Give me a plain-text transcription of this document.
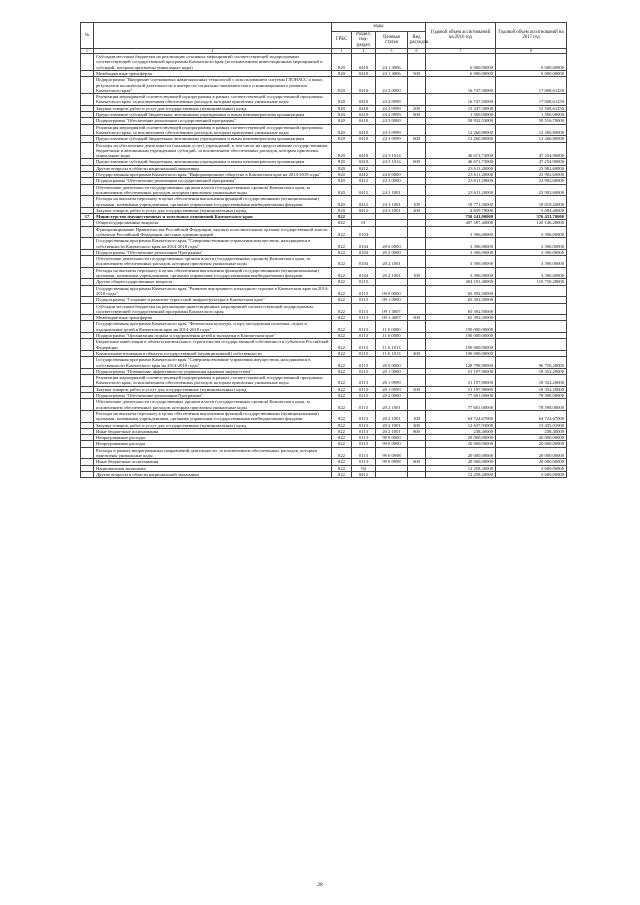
№		коды				Годовой объем ассигнований на 2016 год	Годовой объем ассигнований на 2017 год
		ГРБС	Раздел, под-раздел	Целевая статья	Вид расходов		
1	2	3	4	5	6	7	8
	Субсидии местным бюджетам на реализацию основных мероприятий соответствующей подпрограммы соответствующей государственной программы Камчатского края (за исключением инвестиционных мероприятий и субсидий, которым присвоены уникальные коды)	820	0410	24 1 4006		6 000,00000	6 000,00000
	Межбюджетные трансферты	820	0410	24 1 4006	500	6 000,00000	6 000,00000
	Подпрограмма "Внедрение спутниковых навигационных технологий с использованием системы ГЛОНАСС и иных результатов космической деятельности в интересах социально-экономического и инновационного развития Камчатского края"	820	0410	24 2 0000		16 747,50000	17 008,61250
	Реализация мероприятий соответствующей подпрограммы в рамках соответствующей государственной программы Камчатского края, за исключением обеспеченных расходов, которым присвоены уникальные коды	820	0410	24 2 0999		16 747,50000	17 008,61250
	Закупка товаров, работ и услуг для государственных (муниципальных) нужд	820	0410	24 2 0999	200	15 247,50000	15 508,61250
	Предоставление субсидий бюджетным, автономным учреждениям и иным некоммерческим организациям	820	0410	24 2 0999	600	1 500,00000	1 500,00000
	Подпрограмма "Обеспечение реализации государственной программы"	820	0410	24 3 0000		58 932,53000	59 516,70000
	Реализация мероприятий соответствующей подпрограммы в рамках соответствующей государственной программы Камчатского края, за исключением обеспеченных расходов, которым присвоены уникальные коды	820	0410	24 3 0999		12 260,80000	12 260,80000
	Предоставление субсидий бюджетным, автономным учреждениям и иным некоммерческим организациям	820	0410	24 3 0999	600	12 260,80000	12 260,80000
	Расходы на обеспечение деятельности (оказание услуг) учреждений, в том числе на предоставление государственным бюджетным и автономным учреждениям субсидий, за исключением обеспеченных расходов, которым присвоены уникальные коды	820	0410	24 3 1014		46 671,73000	47 254,90000
	Предоставление субсидий бюджетным, автономным учреждениям и иным некоммерческим организациям	820	0410	24 3 1014	600	46 671,73000	47 254,90000
	Другие вопросы в области национальной экономики	820	0412			23 611,20000	23 902,60000
	Государственная программа Камчатского края "Информационное общество в Камчатском крае на 2014-2018 годы"	820	0412	24 0 0000		23 611,20000	23 902,60000
	Подпрограмма "Обеспечение реализации государственной программы"	820	0412	24 3 0000		23 611,20000	23 902,60000
	Обеспечение деятельности государственных органов власти (государственных органов) Камчатского края, за исключением обеспеченных расходов, которым присвоены уникальные коды	820	0412	24 3 1001		23 611,20000	23 902,60000
	Расходы на выплаты персоналу в целях обеспечения выполнения функций государственными (муниципальными) органами, казенными учреждениями, органами управления государственными внебюджетными фондами	820	0412	24 3 1001	100	18 771,50000	18 818,20000
	Закупка товаров, работ и услуг для государственных (муниципальных) нужд	820	0412	24 3 1001	200	4 839,70000	5 084,40000
17	Министерство имущественных и земельных отношений Камчатского края	822				750 241,00000	376 433,70000
	Общегосударственные вопросы	822	01			407 587,40000	120 146,28000
	Функционирование Правительства Российской Федерации, высших исполнительных органов государственной власти субъектов Российской Федерации, местных администраций	822	0104			3 396,00000	3 396,00000
	Государственная программа Камчатского края "Совершенствование управления имуществом, находящимся в собственности Камчатского края на 2014-2018 годы"	822	0104	20 0 0000		3 396,00000	3 396,00000
	Подпрограмма "Обеспечение реализации Программы"	822	0104	20 2 0000		3 396,00000	3 396,00000
	Обеспечение деятельности государственных органов власти (государственных органов) Камчатского края, за исключением обеспеченных расходов, которым присвоены уникальные коды	822	0104	20 2 1001		3 396,00000	3 396,00000
	Расходы на выплаты персоналу в целях обеспечения выполнения функций государственными (муниципальными) органами, казенными учреждениями, органами управления государственными внебюджетными фондами	822	0104	20 2 1001	100	3 396,00000	3 396,00000
	Другие общегосударственные вопросы	822	0113			404 191,40000	116 750,28000
	Государственная программа Камчатского края "Развитие внутреннего и въездного туризма в Камчатском крае на 2014-2018 годы"	822	0113	09 0 0000		65 392,50000	
	Подпрограмма "Создание и развитие туристской инфраструктуры в Камчатском крае"	822	0113	09 1 0000		65 392,50000	
	Субсидии местным бюджетам на реализацию инвестиционных мероприятий соответствующей подпрограммы соответствующей государственной программы Камчатского края	822	0113	09 1 4007		65 392,50000	
	Межбюджетные трансферты	822	0113	09 1 4007	500	65 392,50000	
	Государственная программа Камчатского края "Физическая культура, спорт, молодежная политика, отдых и оздоровление детей в Камчатском крае на 2014-2018 годы"	822	0113	11 0 0000		190 000,00000	
	Подпрограмма "Организация отдыха и оздоровления детей и молодежи в Камчатском крае"	822	0113	11 6 0000		190 000,00000	
	Бюджетные инвестиции в объекты капитального строительства государственной собственности субъектов Российской Федерации	822	0113	11 6 1013		190 000,00000	
	Капитальные вложения в объекты государственной (муниципальной) собственности	822	0113	11 6 1013	400	190 000,00000	
	Государственная программа Камчатского края "Совершенствование управления имуществом, находящимся в собственности Камчатского края на 2014-2018 годы"	822	0113	20 0 0000		128 798,90000	96 750,28000
	Подпрограмма "Повышение эффективности управления краевым имуществом"	822	0113	20 1 0000		51 197,90000	18 352,20000
	Реализация мероприятий соответствующей подпрограммы в рамках соответствующей государственной программы Камчатского края, за исключением обеспеченных расходов, которым присвоены уникальные коды	822	0113	20 1 0999		51 197,90000	18 352,20000
	Закупка товаров, работ и услуг для государственных (муниципальных) нужд	822	0113	20 1 0999	200	51 197,90000	18 352,20000
	Подпрограмма "Обеспечение реализации Программы"	822	0113	20 2 0000		77 601,00000	78 398,08000
	Обеспечение деятельности государственных органов власти (государственных органов) Камчатского края, за исключением обеспеченных расходов, которым присвоены уникальные коды	822	0113	20 2 1001		77 601,00000	78 398,08000
	Расходы на выплаты персоналу в целях обеспечения выполнения функций государственными (муниципальными) органами, казенными учреждениями, органами управления государственными внебюджетными фондами	822	0113	20 2 1001	100	64 724,67000	64 724,67000
	Закупка товаров, работ и услуг для государственных (муниципальных) нужд	822	0113	20 2 1001	200	12 637,93000	13 435,01000
	Иные бюджетные ассигнования	822	0113	20 2 1001	800	238,40000	238,40000
	Непрограммные расходы	822	0113	99 0 0000		20 000,00000	20 000,00000
	Непрограммные расходы	822	0113	99 0 0000		20 000,00000	20 000,00000
	Расходы в рамках непрограммных направлений деятельности, за исключением обеспеченных расходов, которым присвоены уникальные коды	822	0113	99 0 0998		20 000,00000	20 000,00000
	Иные бюджетные ассигнования	822	0113	99 0 0998	800	20 000,00000	20 000,00000
	Национальная экономика	822	04			12 258,20000	3 600,00000
	Другие вопросы в области национальной экономики	822	0412			12 258,20000	3 600,00000
28
